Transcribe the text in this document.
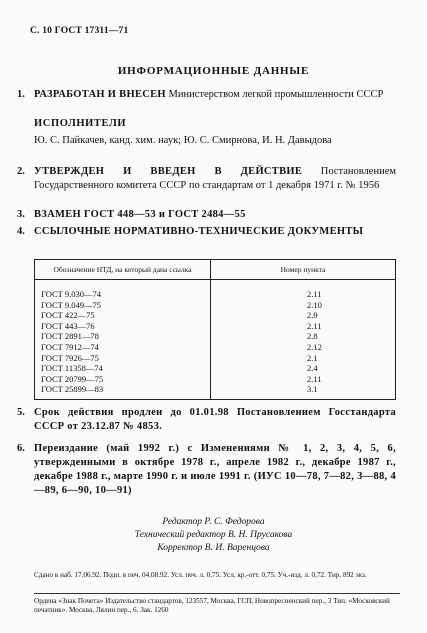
С. 10 ГОСТ 17311—71
ИНФОРМАЦИОННЫЕ ДАННЫЕ
1. РАЗРАБОТАН И ВНЕСЕН Министерством легкой промышленности СССР
ИСПОЛНИТЕЛИ
Ю. С. Пайкачев, канд. хим. наук; Ю. С. Смирнова, И. Н. Давыдова
2. УТВЕРЖДЕН И ВВЕДЕН В ДЕЙСТВИЕ Постановлением Государственного комитета СССР по стандартам от 1 декабря 1971 г. № 1956
3. ВЗАМЕН ГОСТ 448—53 и ГОСТ 2484—55
4. ССЫЛОЧНЫЕ НОРМАТИВНО-ТЕХНИЧЕСКИЕ ДОКУМЕНТЫ
Обозначение НТД, на который дана ссылка	Номер пункта
ГОСТ 9.030—74	2.11
ГОСТ 9.049—75	2.10
ГОСТ 422—75	2.9
ГОСТ 443—76	2.11
ГОСТ 2891—78	2.8
ГОСТ 7912—74	2.12
ГОСТ 7926—75	2.1
ГОСТ 11358—74	2.4
ГОСТ 20799—75	2.11
ГОСТ 25899—83	3.1
5. Срок действия продлен до 01.01.98 Постановлением Госстандарта СССР от 23.12.87 № 4853.
6. Переиздание (май 1992 г.) с Изменениями № 1, 2, 3, 4, 5, 6, утвержденными в октябре 1978 г., апреле 1982 г., декабре 1987 г., декабре 1988 г., марте 1990 г. и июле 1991 г. (ИУС 10—78, 7—82, 3—88, 4—89, 6—90, 10—91)
Редактор Р. С. Федорова
Технический редактор В. Н. Прусакова
Корректор В. И. Варенцова
Сдано в наб. 17.06.92. Подп. в печ. 04.08.92. Усл. печ. л. 0,75. Усл. кр.-отт. 0,75. Уч.-изд. л. 0,72. Тир. 892 экз.
Ордена «Знак Почета» Издательство стандартов, 123557, Москва, ГСП, Новопресненский пер., 3 Тип. «Московский печатник». Москва, Лялин пер., 6. Зак. 1260
